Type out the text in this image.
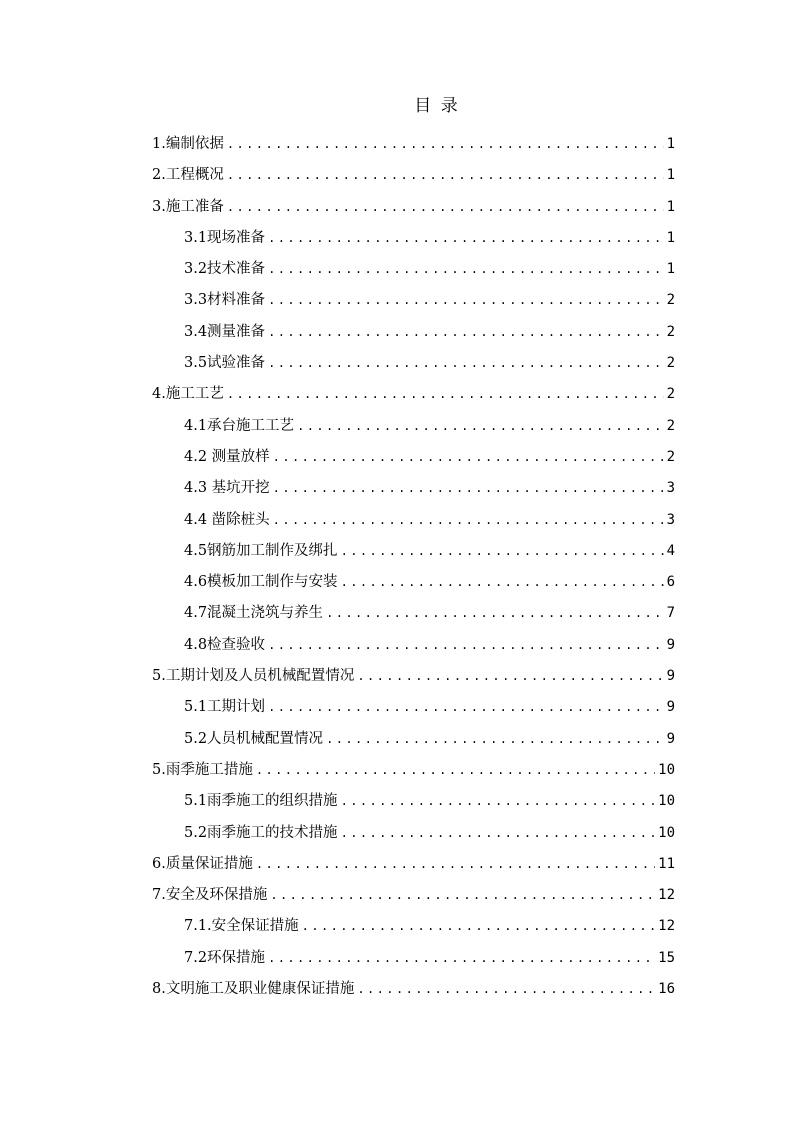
目 录
1.编制依据 . . .	1
2.工程概况 . . .	1
3.施工准备 . . .	1
3.1现场准备 . . .	1
3.2技术准备 . . .	1
3.3材料准备 . . .	2
3.4测量准备 . . .	2
3.5试验准备 . . .	2
4.施工工艺 . . .	2
4.1承台施工工艺 . . .	2
4.2 测量放样 . . .	2
4.3 基坑开挖 . . .	3
4.4 凿除桩头 . . .	3
4.5钢筋加工制作及绑扎 . . .	4
4.6模板加工制作与安装 . . .	6
4.7混凝土浇筑与养生 . . .	7
4.8检查验收 . . .	9
5.工期计划及人员机械配置情况 . . .	9
5.1工期计划 . . .	9
5.2人员机械配置情况 . . .	9
5.雨季施工措施 . . .	10
5.1雨季施工的组织措施 . . .	10
5.2雨季施工的技术措施 . . .	10
6.质量保证措施 . . .	11
7.安全及环保措施 . . .	12
7.1.安全保证措施 . . .	12
7.2环保措施 . . .	15
8.文明施工及职业健康保证措施 . . .	16
